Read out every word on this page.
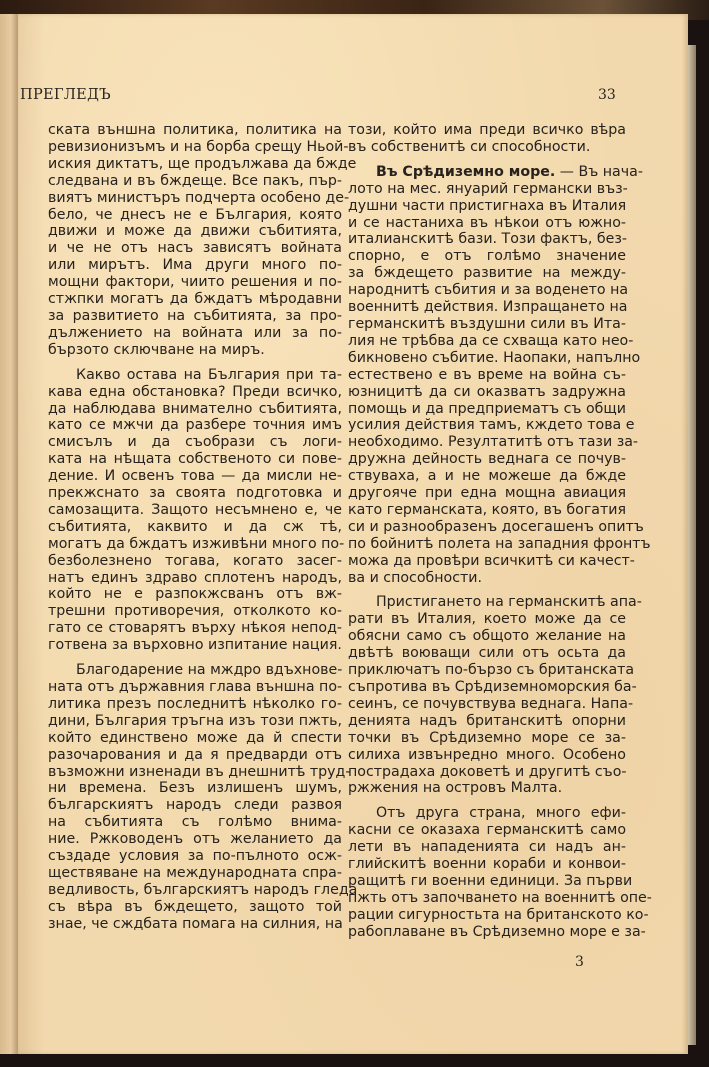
ПРЕГЛЕДЪ	33
ската външна политика, политика на
ревизионизъмъ и на борба срещу Ньой-
иския диктатъ, ще продължава да бжде
следвана и въ бждеще. Все пакъ, пър-
виятъ министъръ подчерта особено де-
бело, че днесъ не е България, която
движи и може да движи събитията,
и че не отъ насъ зависятъ войната
или мирътъ. Има други много по-
мощни фактори, чиито решения и по-
стжпки могатъ да бждатъ мѣродавни
за развитието на събитията, за про-
дължението на войната или за по-
бързото сключване на миръ.
Какво остава на България при та-
кава една обстановка? Преди всичко,
да наблюдава внимателно събитията,
като се мжчи да разбере точния имъ
смисълъ и да съобрази съ логи-
ката на нѣщата собственото си пове-
дение. И освенъ това — да мисли не-
прекжснато за своята подготовка и
самозащита. Защото несъмнено е, че
събитията, каквито и да сж тѣ,
могатъ да бждатъ изживѣни много по-
безболезнено тогава, когато засег-
натъ единъ здраво сплотенъ народъ,
който не е разпокжсванъ отъ вж-
трешни противоречия, отколкото ко-
гато се стоварятъ върху нѣкоя непод-
готвена за върховно изпитание нация.
Благодарение на мждро вдъхнове-
ната отъ държавния глава външна по-
литика презъ последнитѣ нѣколко го-
дини, България тръгна изъ този пжть,
който единствено може да й спести
разочарования и да я предварди отъ
възможни изненади въ днешнитѣ труд-
ни времена. Безъ излишенъ шумъ,
българскиятъ народъ следи развоя
на събитията съ голѣмо внима-
ние. Ржководенъ отъ желанието да
създаде условия за по-пълното осж-
ществяване на международната спра-
ведливость, българскиятъ народъ гледа
съ вѣра въ бждещето, защото той
знае, че сждбата помага на силния, на
този, който има преди всичко вѣра
въ собственитѣ си способности.
Въ Срѣдиземно море. — Въ нача-
лото на мес. януарий германски въз-
душни части пристигнаха въ Италия
и се настаниха въ нѣкои отъ южно-
италианскитѣ бази. Този фактъ, без-
спорно, е отъ голѣмо значение
за бждещето развитие на между-
народнитѣ събития и за воденето на
военнитѣ действия. Изпращането на
германскитѣ въздушни сили въ Ита-
лия не трѣбва да се схваща като нео-
бикновено събитие. Наопаки, напълно
естествено е въ време на война съ-
юзницитѣ да си оказватъ задружна
помощь и да предприематъ съ общи
усилия действия тамъ, кждето това е
необходимо. Резултатитѣ отъ тази за-
дружна дейность веднага се почув-
ствуваха, а и не можеше да бжде
другояче при една мощна авиация
като германската, която, въ богатия
си и разнообразенъ досегашенъ опитъ
по бойнитѣ полета на западния фронтъ
можа да провѣри всичкитѣ си качест-
ва и способности.
Пристигането на германскитѣ апа-
рати въ Италия, което може да се
обясни само съ общото желание на
двѣтѣ воюващи сили отъ осьта да
приключатъ по-бързо съ британската
съпротива въ Срѣдиземноморския ба-
сеинъ, се почувствува веднага. Напа-
денията надъ британскитѣ опорни
точки въ Срѣдиземно море се за-
силиха извънредно много. Особено
пострадаха доковетѣ и другитѣ съо-
ржжения на островъ Малта.
Отъ друга страна, много ефи-
касни се оказаха германскитѣ само
лети въ нападенията си надъ ан-
глийскитѣ военни кораби и конвои-
ращитѣ ги военни единици. За първи
пжть отъ започването на военнитѣ опе-
рации сигурностьта на британското ко-
рабоплаване въ Срѣдиземно море е за-
3
